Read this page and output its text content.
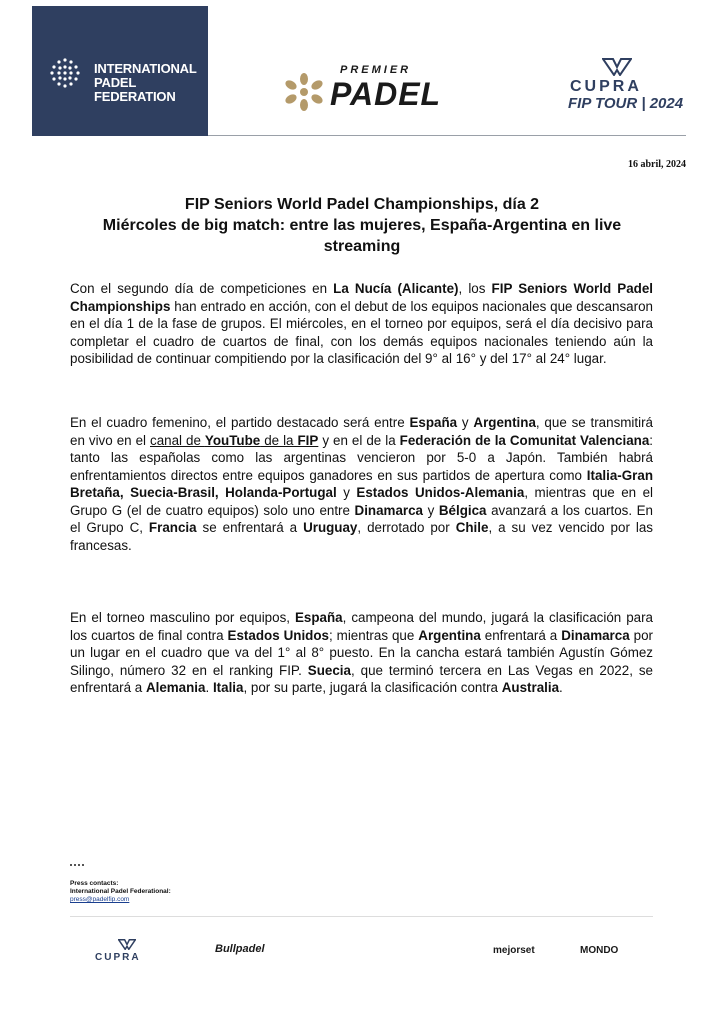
INTERNATIONAL
PADEL
FEDERATION
PREMIER
PADEL	CUPRA
FIP TOUR | 2024
16 abril, 2024
FIP Seniors World Padel Championships, día 2
Miércoles de big match: entre las mujeres, España-Argentina en live streaming
Con el segundo día de competiciones en La Nucía (Alicante), los FIP Seniors World Padel Championships han entrado en acción, con el debut de los equipos nacionales que descansaron en el día 1 de la fase de grupos. El miércoles, en el torneo por equipos, será el día decisivo para completar el cuadro de cuartos de final, con los demás equipos nacionales teniendo aún la posibilidad de continuar compitiendo por la clasificación del 9° al 16° y del 17° al 24° lugar.
En el cuadro femenino, el partido destacado será entre España y Argentina, que se transmitirá en vivo en el canal de YouTube de la FIP y en el de la Federación de la Comunitat Valenciana: tanto las españolas como las argentinas vencieron por 5-0 a Japón. También habrá enfrentamientos directos entre equipos ganadores en sus partidos de apertura como Italia-Gran Bretaña, Suecia-Brasil, Holanda-Portugal y Estados Unidos-Alemania, mientras que en el Grupo G (el de cuatro equipos) solo uno entre Dinamarca y Bélgica avanzará a los cuartos. En el Grupo C, Francia se enfrentará a Uruguay, derrotado por Chile, a su vez vencido por las francesas.
En el torneo masculino por equipos, España, campeona del mundo, jugará la clasificación para los cuartos de final contra Estados Unidos; mientras que Argentina enfrentará a Dinamarca por un lugar en el cuadro que va del 1° al 8° puesto. En la cancha estará también Agustín Gómez Silingo, número 32 en el ranking FIP. Suecia, que terminó tercera en Las Vegas en 2022, se enfrentará a Alemania. Italia, por su parte, jugará la clasificación contra Australia.
Press contacts:
International Padel Federational:
press@padelfip.com
CUPRA
Bullpadel	mejorset	MONDO
